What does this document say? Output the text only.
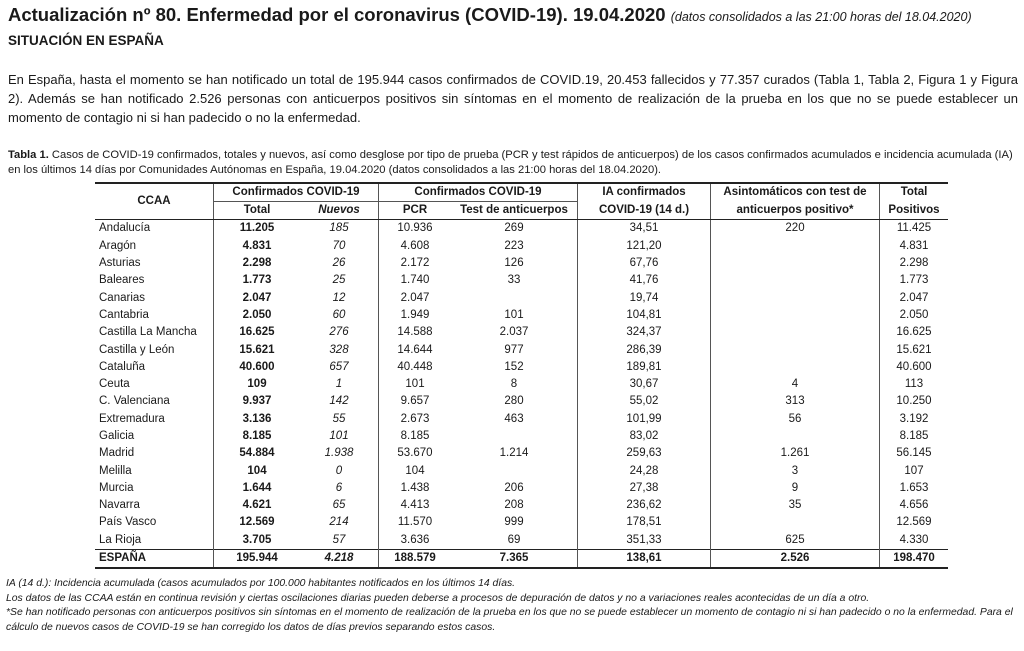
Actualización nº 80. Enfermedad por el coronavirus (COVID-19). 19.04.2020 (datos consolidados a las 21:00 horas del 18.04.2020)
SITUACIÓN EN ESPAÑA
En España, hasta el momento se han notificado un total de 195.944 casos confirmados de COVID.19, 20.453 fallecidos y 77.357 curados (Tabla 1, Tabla 2, Figura 1 y Figura 2). Además se han notificado 2.526 personas con anticuerpos positivos sin síntomas en el momento de realización de la prueba en los que no se puede establecer un momento de contagio ni si han padecido o no la enfermedad.
Tabla 1. Casos de COVID-19 confirmados, totales y nuevos, así como desglose por tipo de prueba (PCR y test rápidos de anticuerpos) de los casos confirmados acumulados e incidencia acumulada (IA) en los últimos 14 días por Comunidades Autónomas en España, 19.04.2020 (datos consolidados a las 21:00 horas del 18.04.2020).
CCAA	Confirmados COVID-19		Confirmados COVID-19		IA confirmados	Asintomáticos con test de	Total
	Total	Nuevos	PCR	Test de anticuerpos	COVID-19 (14 d.)	anticuerpos positivo*	Positivos
Andalucía	11.205	185	10.936	269	34,51	220	11.425
Aragón	4.831	70	4.608	223	121,20		4.831
Asturias	2.298	26	2.172	126	67,76		2.298
Baleares	1.773	25	1.740	33	41,76		1.773
Canarias	2.047	12	2.047		19,74		2.047
Cantabria	2.050	60	1.949	101	104,81		2.050
Castilla La Mancha	16.625	276	14.588	2.037	324,37		16.625
Castilla y León	15.621	328	14.644	977	286,39		15.621
Cataluña	40.600	657	40.448	152	189,81		40.600
Ceuta	109	1	101	8	30,67	4	113
C. Valenciana	9.937	142	9.657	280	55,02	313	10.250
Extremadura	3.136	55	2.673	463	101,99	56	3.192
Galicia	8.185	101	8.185		83,02		8.185
Madrid	54.884	1.938	53.670	1.214	259,63	1.261	56.145
Melilla	104	0	104		24,28	3	107
Murcia	1.644	6	1.438	206	27,38	9	1.653
Navarra	4.621	65	4.413	208	236,62	35	4.656
País Vasco	12.569	214	11.570	999	178,51		12.569
La Rioja	3.705	57	3.636	69	351,33	625	4.330
ESPAÑA	195.944	4.218	188.579	7.365	138,61	2.526	198.470
IA (14 d.): Incidencia acumulada (casos acumulados por 100.000 habitantes notificados en los últimos 14 días.
Los datos de las CCAA están en continua revisión y ciertas oscilaciones diarias pueden deberse a procesos de depuración de datos y no a variaciones reales acontecidas de un día a otro.
*Se han notificado personas con anticuerpos positivos sin síntomas en el momento de realización de la prueba en los que no se puede establecer un momento de contagio ni si han padecido o no la enfermedad. Para el cálculo de nuevos casos de COVID-19 se han corregido los datos de días previos separando estos casos.
